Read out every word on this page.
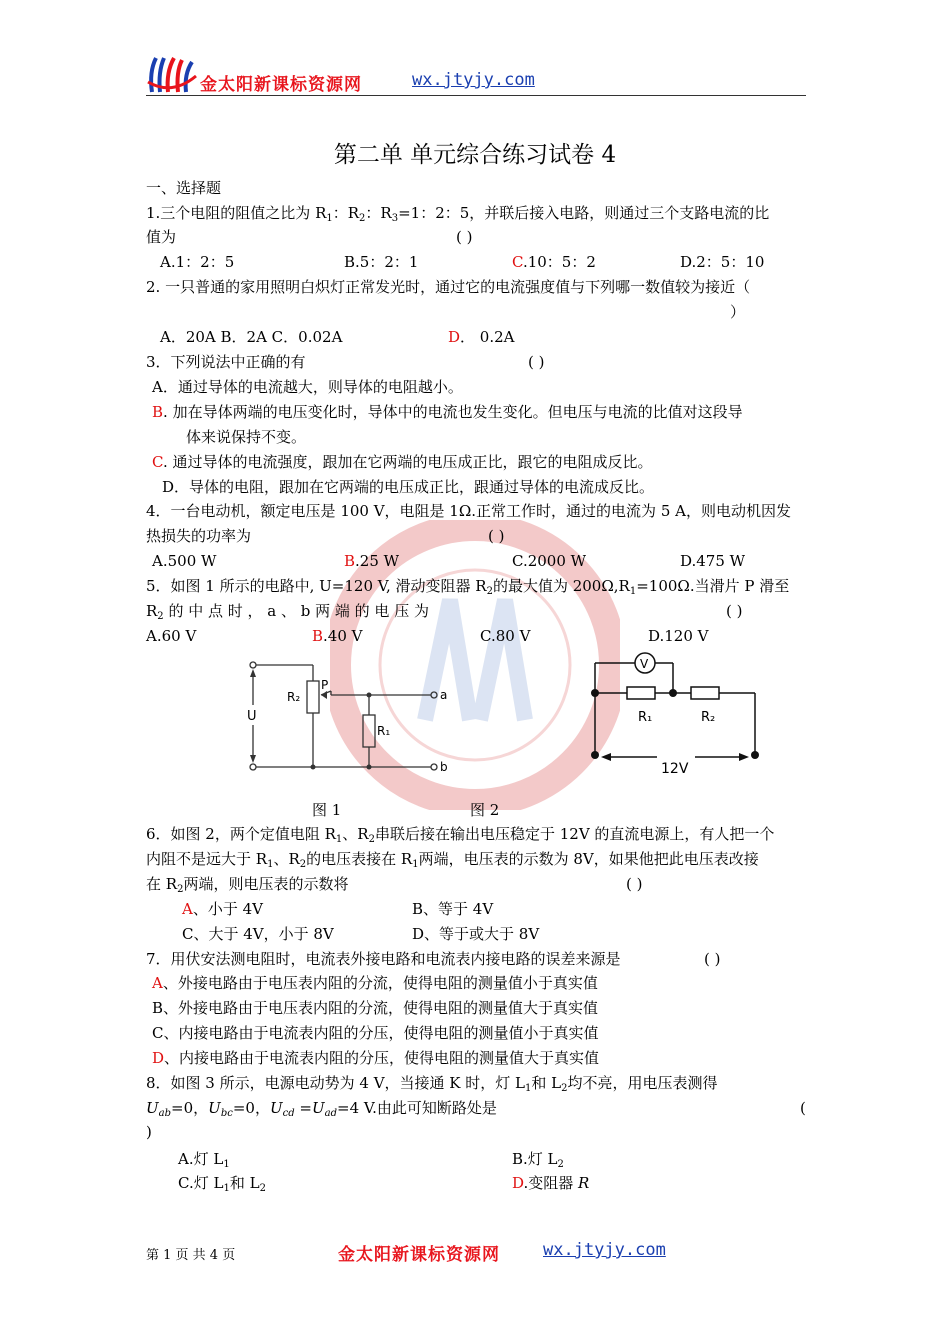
金太阳新课标资源网	wx.jtyjy.com
第二单 单元综合练习试卷 4
一、选择题
1.三个电阻的阻值之比为 $R_1$：$R_2$：$R_3=1$：2：5，并联后接入电路，则通过三个支路电流的比
值为	( )
A.1：2：5	B.5：2：1	C.10：5：2	D.2：5：10
2. 一只普通的家用照明白炽灯正常发光时，通过它的电流强度值与下列哪一数值较为接近（
）
A．20A B．2A C．0.02A	D． 0.2A
3．下列说法中正确的有	( )
A．通过导体的电流越大，则导体的电阻越小。
B. 加在导体两端的电压变化时，导体中的电流也发生变化。但电压与电流的比值对这段导
体来说保持不变。
C. 通过导体的电流强度，跟加在它两端的电压成正比，跟它的电阻成反比。
D．导体的电阻，跟加在它两端的电压成正比，跟通过导体的电流成反比。
4．一台电动机，额定电压是 100 V，电阻是 1Ω.正常工作时，通过的电流为 5 A，则电动机因发
热损失的功率为	( )
A.500 W	B.25 W	C.2000 W	D.475 W
5．如图 1 所示的电路中, U=120 V, 滑动变阻器 $R_2$的最大值为 $200\Omega,R_1=100\Omega$.当滑片 P 滑至
$R_2$ 的 中 点 时 ， a 、 b 两 端 的 电 压 为	( )
A.60 V	B.40 V	C.80 V	D.120 V
U
P
R₂
R₁
a
b
V
R₁	R₂
12V
图 1	图 2
6．如图 2，两个定值电阻 $R_1$、$R_2$串联后接在输出电压稳定于 12V 的直流电源上，有人把一个
内阻不是远大于 $R_1$、$R_2$的电压表接在 $R_1$两端，电压表的示数为 8V，如果他把此电压表改接
在 $R_2$两端，则电压表的示数将	( )
A、小于 4V	B、等于 4V
C、大于 4V，小于 8V	D、等于或大于 8V
7．用伏安法测电阻时，电流表外接电路和电流表内接电路的误差来源是	( )
A、外接电路由于电压表内阻的分流，使得电阻的测量值小于真实值
B、外接电路由于电压表内阻的分流，使得电阻的测量值大于真实值
C、内接电路由于电流表内阻的分压，使得电阻的测量值小于真实值
D、内接电路由于电流表内阻的分压，使得电阻的测量值大于真实值
8．如图 3 所示，电源电动势为 4 V，当接通 K 时，灯 $L_1$和 $L_2$均不亮，用电压表测得
$U_{ab}=0$，$U_{bc}=0$，$U_{cd} =U_{ad}=4$ V.由此可知断路处是	(
)
A.灯 $L_1$	B.灯 $L_2$
C.灯 $L_1$和 $L_2$	D.变阻器 R
第 1 页 共 4 页	金太阳新课标资源网	wx.jtyjy.com
